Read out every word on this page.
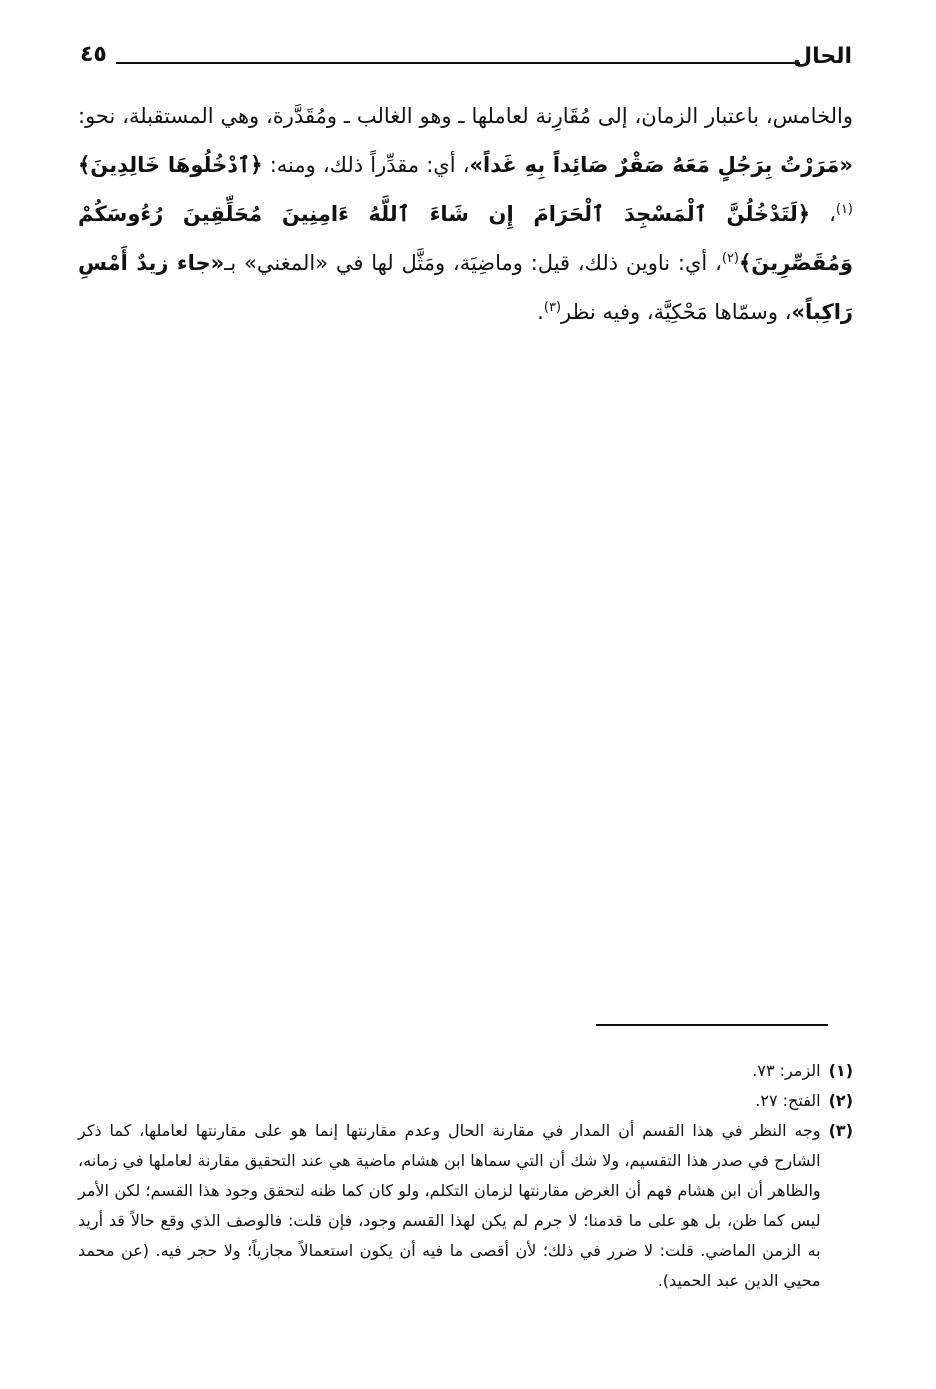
الحال
٤٥

والخامس، باعتبار الزمان، إلى مُقَارِنة لعاملها ـ وهو الغالب ـ ومُقَدَّرة، وهي المستقبلة، نحو: «مَرَرْتُ بِرَجُلٍ مَعَهُ صَقْرٌ صَائِداً بِهِ غَداً»، أي: مقدِّراً ذلك، ومنه: ﴿ٱدْخُلُوهَا خَالِدِينَ﴾$^{(١)}$، ﴿لَتَدْخُلُنَّ ٱلْمَسْجِدَ ٱلْحَرَامَ إِن شَاءَ ٱللَّهُ ءَامِنِينَ مُحَلِّقِينَ رُءُوسَكُمْ وَمُقَصِّرِينَ﴾$^{(٢)}$، أي: ناوين ذلك، قيل: وماضِيَة، ومَثَّل لها في «المغني» بـ«جاء زيدٌ أَمْسِ رَاكِباً»، وسمّاها مَحْكِيَّة، وفيه نظر$^{(٣)}$.

(١)
الزمر: ٧٣.
(٢)
الفتح: ٢٧.
(٣)
وجه النظر في هذا القسم أن المدار في مقارنة الحال وعدم مقارنتها إنما هو على مقارنتها لعاملها، كما ذكر الشارح في صدر هذا التقسيم، ولا شك أن التي سماها ابن هشام ماضية هي عند التحقيق مقارنة لعاملها في زمانه، والظاهر أن ابن هشام فهم أن الغرض مقارنتها لزمان التكلم، ولو كان كما ظنه لتحقق وجود هذا القسم؛ لكن الأمر ليس كما ظن، بل هو على ما قدمنا؛ لا جرم لم يكن لهذا القسم وجود، فإن قلت: فالوصف الذي وقع حالاً قد أريد به الزمن الماضي. قلت: لا ضرر في ذلك؛ لأن أقصى ما فيه أن يكون استعمالاً مجازياً؛ ولا حجر فيه. (عن محمد محيي الدين عبد الحميد).
